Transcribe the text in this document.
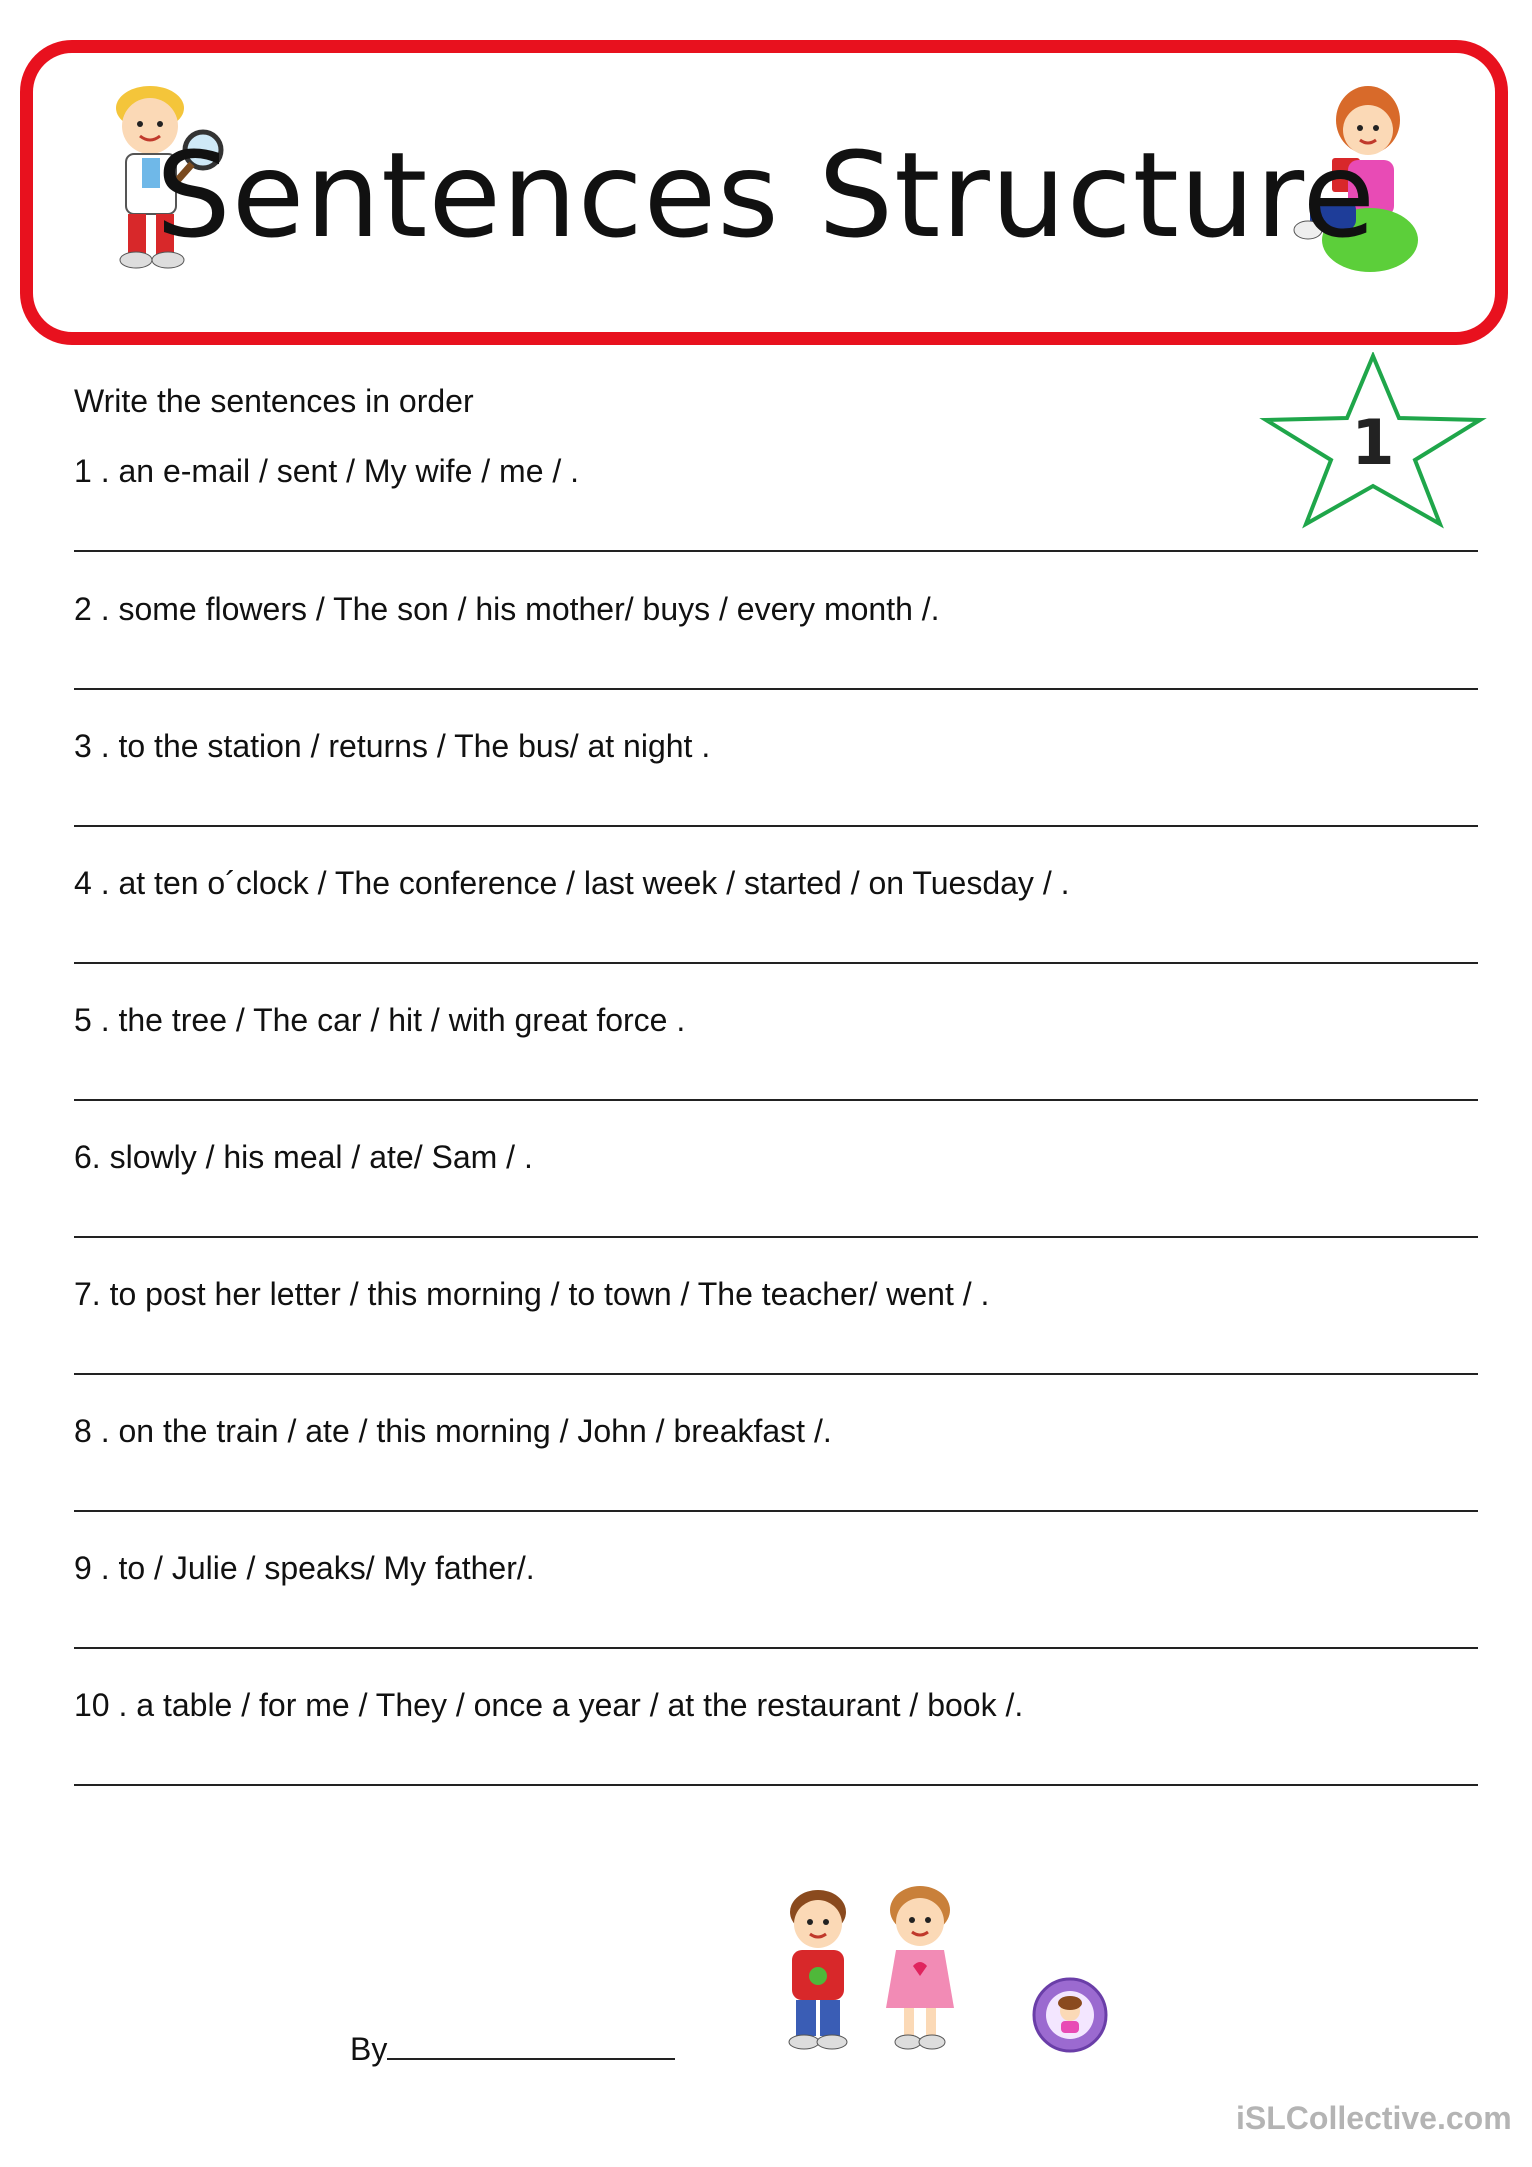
Sentences Structure
Write the sentences in order
1
1 . an e-mail / sent / My wife / me / .
2 . some flowers / The son / his mother/ buys / every month /.
3 . to the station / returns / The bus/ at night .
4 . at ten o´clock / The conference / last week / started / on Tuesday / .
5 . the tree / The car / hit / with great force .
6. slowly / his meal / ate/ Sam / .
7. to post her letter / this morning / to town / The teacher/ went / .
8 . on the train / ate / this morning / John / breakfast /.
9 . to / Julie / speaks/ My father/.
10 . a table / for me / They / once a year / at the restaurant / book /.
By
iSLCollective.com
